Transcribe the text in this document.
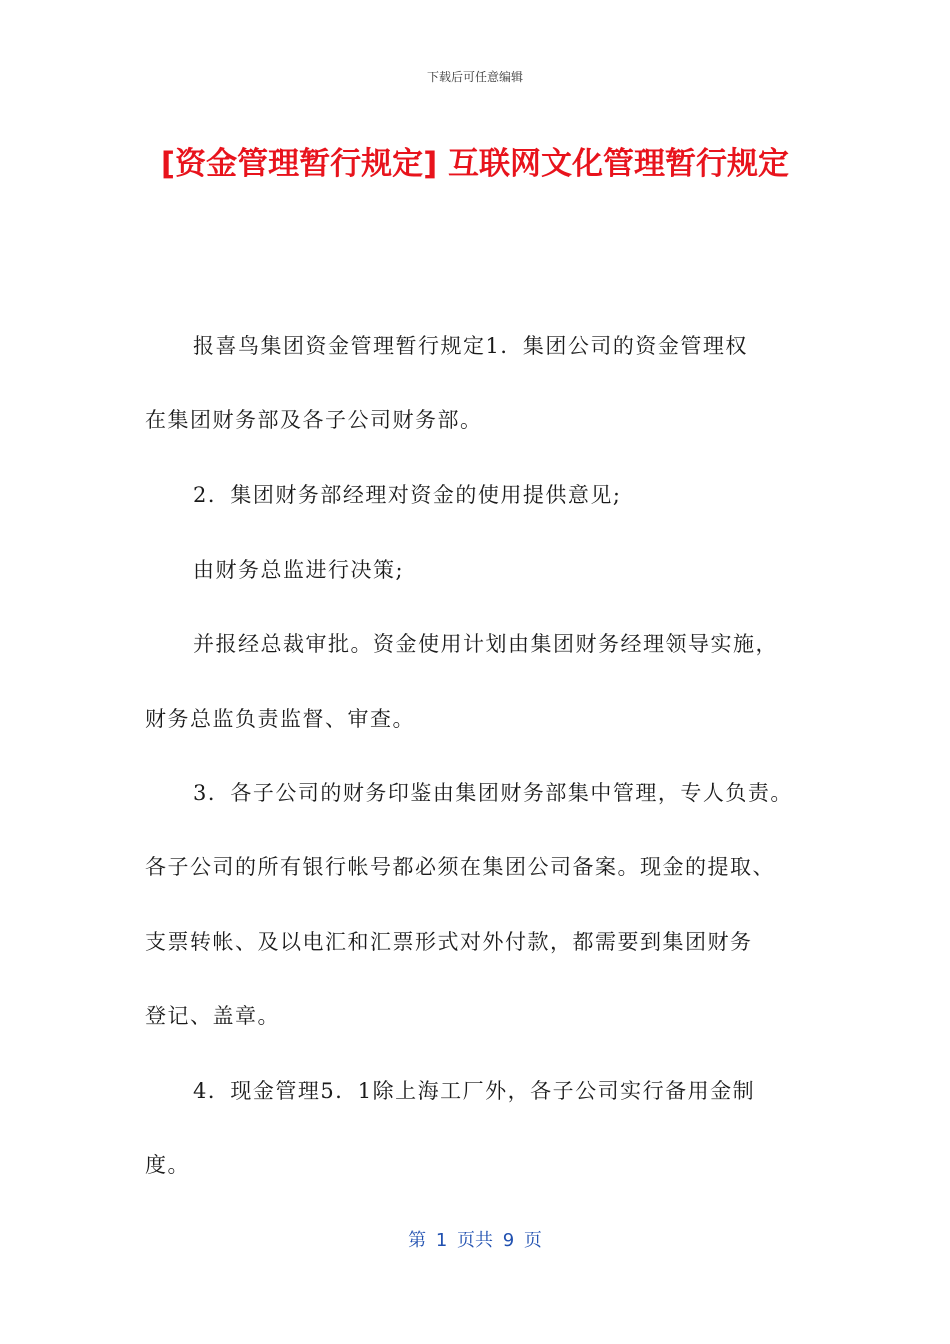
下载后可任意编辑
[资金管理暂行规定] 互联网文化管理暂行规定
报喜鸟集团资金管理暂行规定1．集团公司的资金管理权
在集团财务部及各子公司财务部。
2．集团财务部经理对资金的使用提供意见;
由财务总监进行决策;
并报经总裁审批。资金使用计划由集团财务经理领导实施，
财务总监负责监督、审查。
3．各子公司的财务印鉴由集团财务部集中管理，专人负责。
各子公司的所有银行帐号都必须在集团公司备案。现金的提取、
支票转帐、及以电汇和汇票形式对外付款，都需要到集团财务
登记、盖章。
4．现金管理5．1除上海工厂外，各子公司实行备用金制
度。
第 1 页共 9 页
